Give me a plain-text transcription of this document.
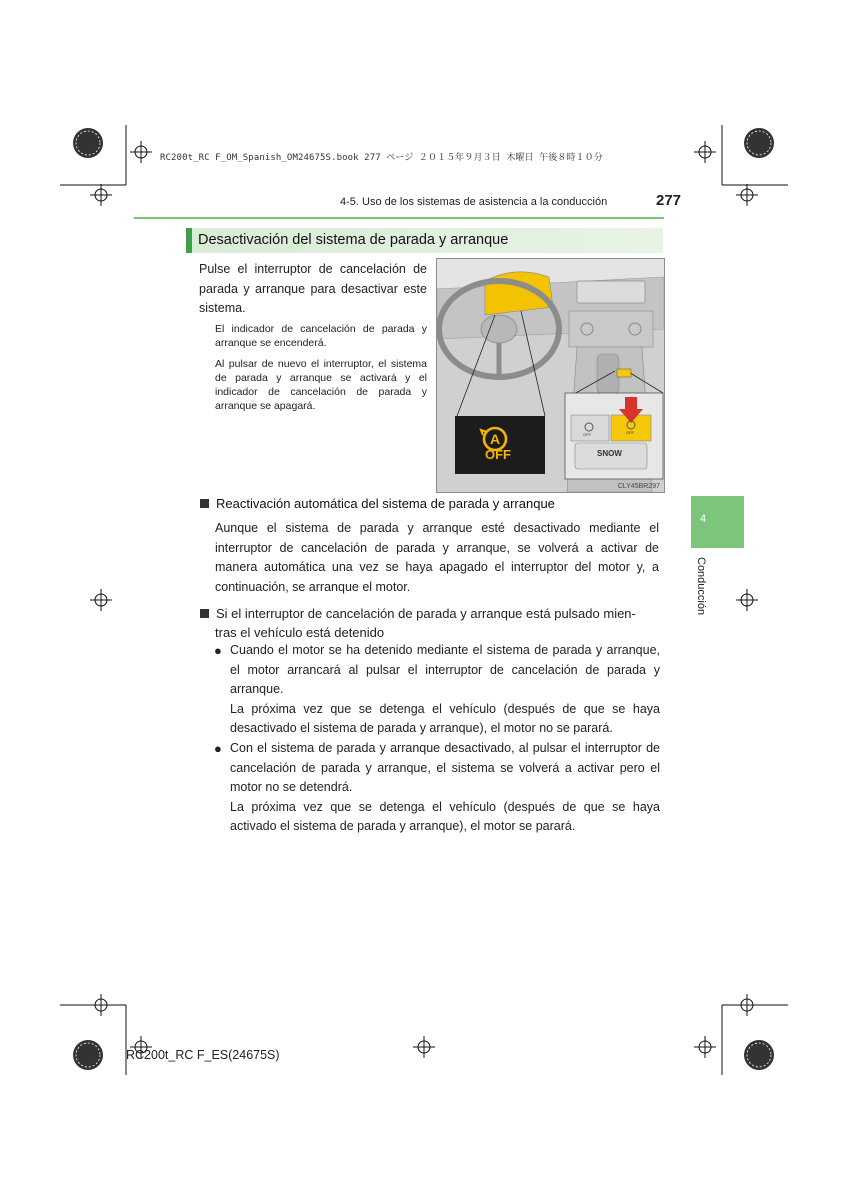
RC200t_RC F_OM_Spanish_OM24675S.book 277 ページ ２０１５年９月３日 木曜日 午後８時１０分
4-5. Uso de los sistemas de asistencia a la conducción	277
4
Conducción
Desactivación del sistema de parada y arranque
Pulse el interruptor de cancelación de parada y arranque para desactivar este sistema.
El indicador de cancelación de parada y arranque se encenderá.
Al pulsar de nuevo el interruptor, el sistema de parada y arranque se activará y el indicador de cancelación de parada y arranque se apagará.
A
OFF	SNOW
OFF	OFF
CLY45BR297
Reactivación automática del sistema de parada y arranque
Aunque el sistema de parada y arranque esté desactivado mediante el interruptor de cancelación de parada y arranque, se volverá a activar de manera automática una vez se haya apagado el interruptor del motor y, a continuación, se arranque el motor.
Si el interruptor de cancelación de parada y arranque está pulsado mien-
tras el vehículo está detenido
● Cuando el motor se ha detenido mediante el sistema de parada y arranque, el motor arrancará al pulsar el interruptor de cancelación de parada y arranque.
La próxima vez que se detenga el vehículo (después de que se haya desactivado el sistema de parada y arranque), el motor no se parará.
● Con el sistema de parada y arranque desactivado, al pulsar el interruptor de cancelación de parada y arranque, el sistema se volverá a activar pero el motor no se detendrá.
La próxima vez que se detenga el vehículo (después de que se haya activado el sistema de parada y arranque), el motor se parará.
RC200t_RC F_ES(24675S)
